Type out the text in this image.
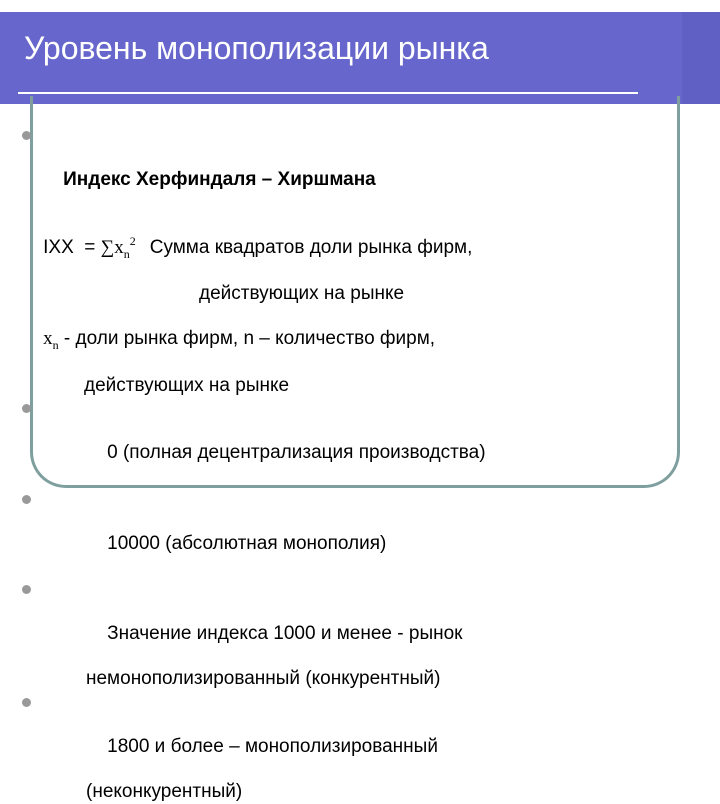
Уровень монополизации рынка

Индекс Херфиндаля – Хиршмана

IXX  = $\sum x_n^2$ Сумма квадратов доли рынка фирм,

действующих на рынке

$x_n$ - доли рынка фирм, n – количество фирм,

действующих на рынке

0 (полная децентрализация производства)

10000 (абсолютная монополия)

Значение индекса 1000 и менее - рынок

немонополизированный (конкурентный)

1800 и более – монополизированный

(неконкурентный)
